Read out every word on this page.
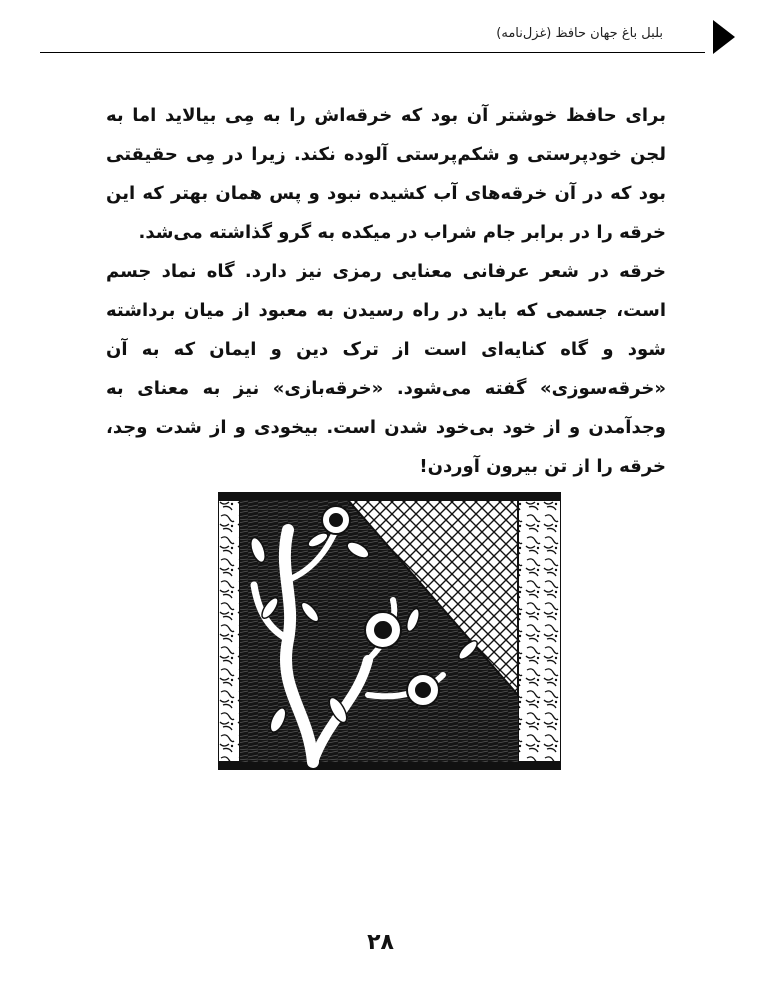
بلبل باغ جهان حافظ (غزل‌نامه)

برای حافظ خوشتر آن بود که خرقه‌اش را به مِی بیالاید اما به لجن خودپرستی و شکم‌پرستی آلوده نکند. زیرا در مِی حقیقتی بود که در آن خرقه‌های آب کشیده نبود و پس همان بهتر که این خرقه را در برابر جام شراب در میکده به گرو گذاشته می‌شد.

خرقه در شعر عرفانی معنایی رمزی نیز دارد. گاه نماد جسم است، جسمی که باید در راه رسیدن به معبود از میان برداشته شود و گاه کنایه‌ای است از ترک دین و ایمان که به آن «خرقه‌سوزی» گفته می‌شود. «خرقه‌بازی» نیز به معنای به وجدآمدن و از خود بی‌خود شدن است. بیخودی و از شدت وجد، خرقه را از تن بیرون آوردن!

۲۸
